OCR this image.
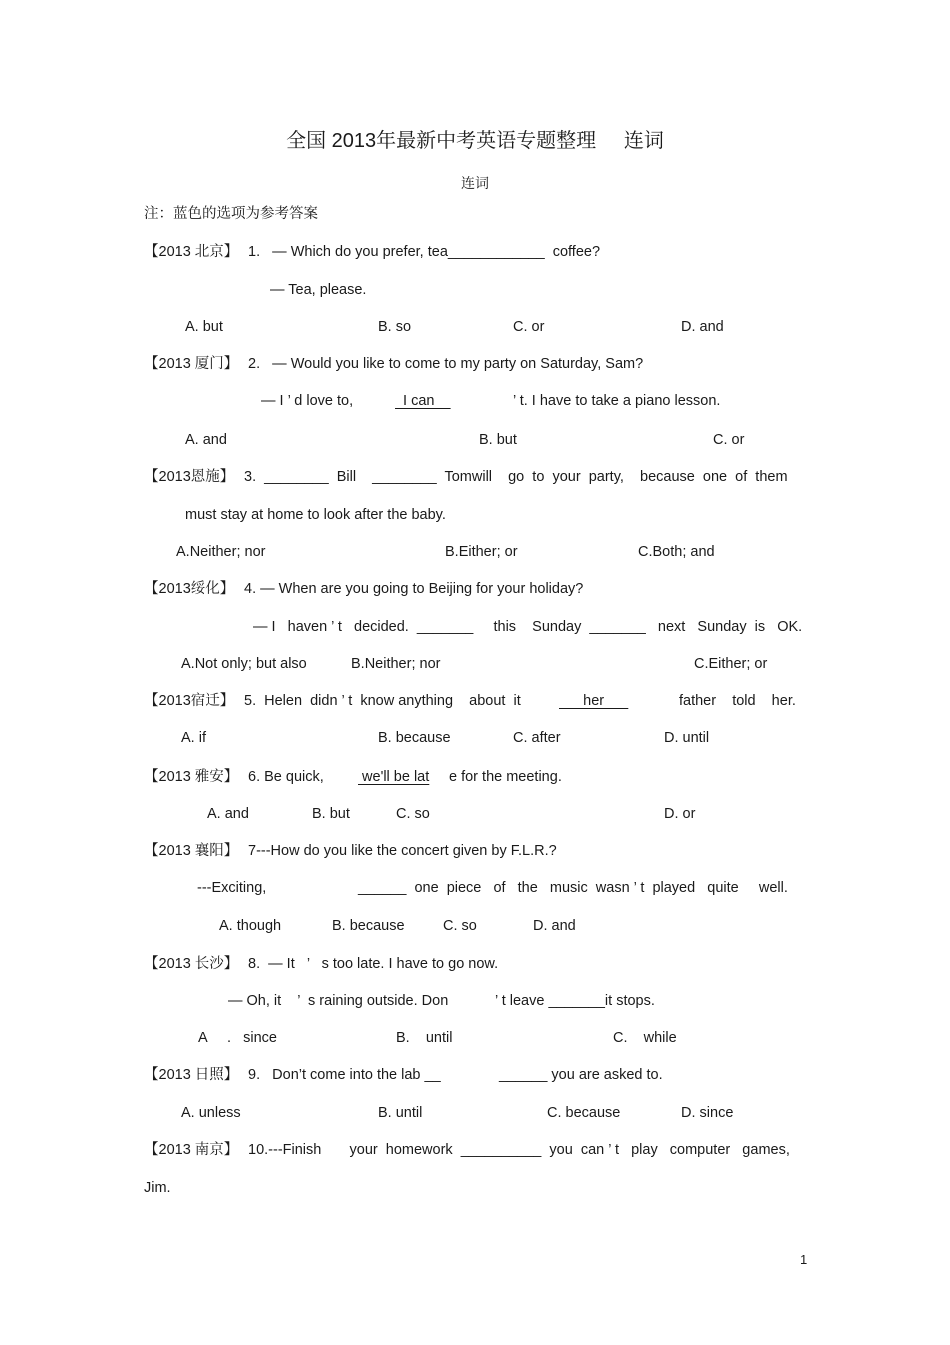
全国 2013年最新中考英语专题整理     连词
连词
注：蓝色的选项为参考答案
【2013 北京】 1.   — Which do you prefer, tea____________  coffee?
— Tea, please.
A. but	B. so	C. or	D. and
【2013 厦门】 2.   — Would you like to come to my party on Saturday, Sam?
— I ’ d love to,	I can	’ t. I have to take a piano lesson.
A. and	B. but	C. or
【2013恩施】 3.  ________  Bill    ________  Tomwill    go  to  your  party,    because  one  of  them
must stay at home to look after the baby.
A.Neither; nor	B.Either; or	C.Both; and
【2013绥化】 4. — When are you going to Beijing for your holiday?
— I   haven ’ t   decided.  _______     this    Sunday  _______   next   Sunday  is   OK.
A.Not only; but also	B.Neither; nor	C.Either; or
【2013宿迁】 5.  Helen  didn ’ t  know anything    about  it	her	father    told    her.
A. if	B. because	C. after	D. until
【2013 雅安】 6. Be quick, we'll be lat e for the meeting.
A. and	B. but	C. so	D. or
【2013 襄阳】 7---How do you like the concert given by F.L.R.?
---Exciting,	______  one  piece   of   the   music  wasn ’ t  played   quite     well.
A. though	B. because	C. so	D. and
【2013 长沙】 8.  — It   ’   s too late. I have to go now.
— Oh, it    ’  s raining outside. Don	’ t leave _______it stops.
A     .   since	B.    until	C.    while
【2013 日照】 9.   Don’t come into the lab __	______ you are asked to.
A. unless	B. until	C. because	D. since
【2013 南京】 10.---Finish       your  homework  __________  you  can ’ t   play   computer   games,
Jim.
1
